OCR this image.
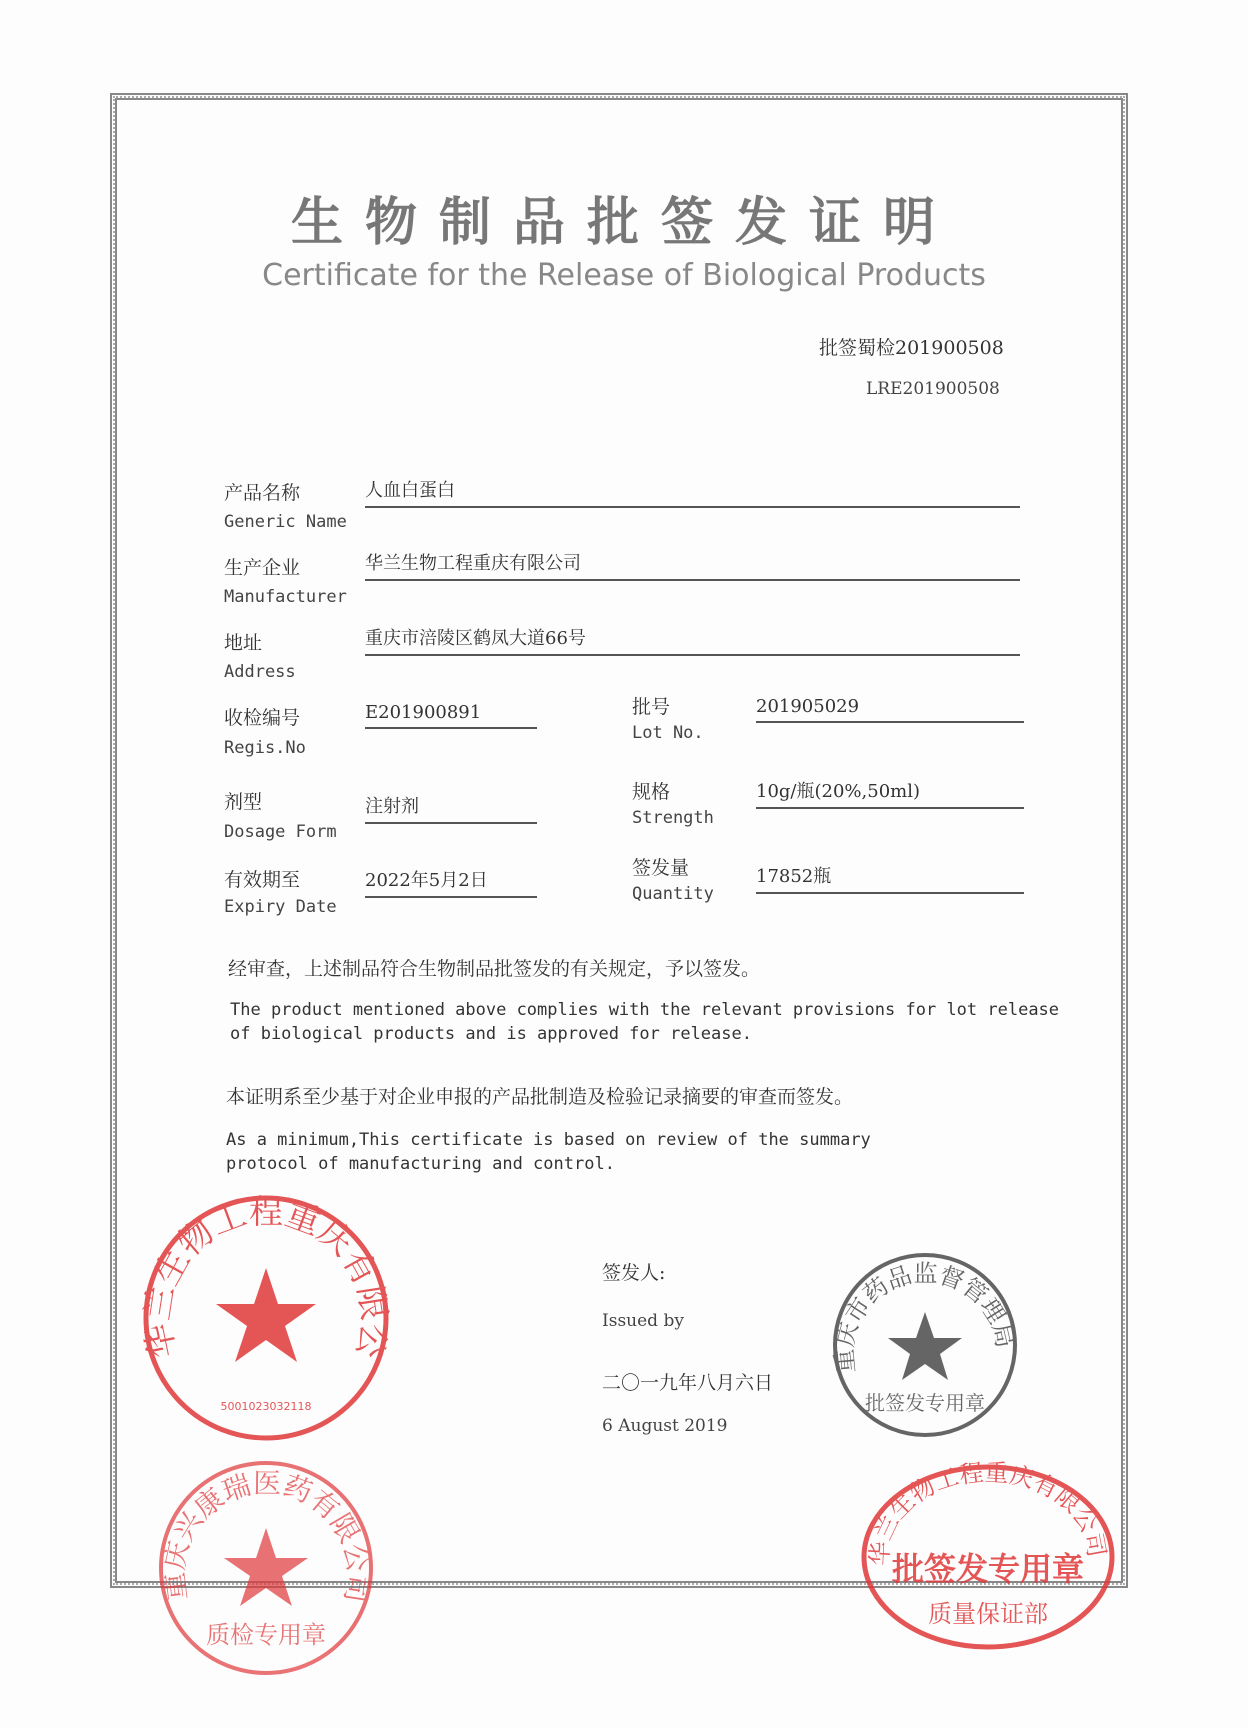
生物制品批签发证明
Certificate for the Release of Biological Products
批签蜀检201900508
LRE201900508
产品名称
Generic Name
人血白蛋白
生产企业
Manufacturer
华兰生物工程重庆有限公司
地址
Address
重庆市涪陵区鹤凤大道66号
收检编号
Regis.No
E201900891
剂型
Dosage Form
注射剂
有效期至
Expiry Date
2022年5月2日
批号
Lot No.
201905029
规格
Strength
10g/瓶(20%,50ml)
签发量
Quantity
17852瓶
经审查，上述制品符合生物制品批签发的有关规定，予以签发。
The product mentioned above complies with the relevant provisions for lot release of biological products and is approved for release.
本证明系至少基于对企业申报的产品批制造及检验记录摘要的审查而签发。
As a minimum,This certificate is based on review of the summary protocol of manufacturing and control.
签发人:
Issued by
二〇一九年八月六日
6 August 2019
华兰生物工程重庆有限公司
5001023032118
重庆兴康瑞医药有限公司
质检专用章
华兰生物工程重庆有限公司
批签发专用章
质量保证部
重庆市药品监督管理局
批签发专用章
